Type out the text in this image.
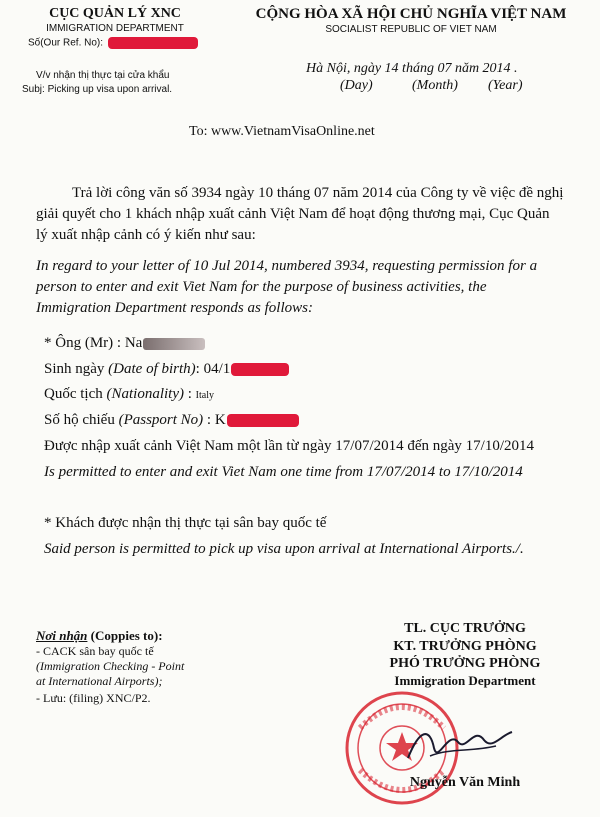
CỤC QUẢN LÝ XNC
IMMIGRATION DEPARTMENT
Số(Our Ref. No):
V/v nhận thị thực tại cửa khẩu
Subj: Picking up visa upon arrival.
CỘNG HÒA XÃ HỘI CHỦ NGHĨA VIỆT NAM
SOCIALIST REPUBLIC OF VIET NAM
Hà Nội, ngày 14 tháng 07 năm 2014 .
(Day)	(Month) (Year)
To: www.VietnamVisaOnline.net
Trả lời công văn số 3934 ngày 10 tháng 07 năm 2014 của Công ty về việc đề nghị giải quyết cho 1 khách nhập xuất cảnh Việt Nam để hoạt động thương mại, Cục Quản lý xuất nhập cảnh có ý kiến như sau:
In regard to your letter of 10 Jul 2014, numbered 3934, requesting permission for a person to enter and exit Viet Nam for the purpose of business activities, the Immigration Department responds as follows:
* Ông (Mr) : Na
Sinh ngày (Date of birth): 04/1
Quốc tịch (Nationality) : Italy
Số hộ chiếu (Passport No) : K
Được nhập xuất cảnh Việt Nam một lần từ ngày 17/07/2014 đến ngày 17/10/2014
Is permitted to enter and exit Viet Nam one time from 17/07/2014 to 17/10/2014
* Khách được nhận thị thực tại sân bay quốc tế
Said person is permitted to pick up visa upon arrival at International Airports./.
Nơi nhận (Coppies to):
- CACK sân bay quốc tế
(Immigration Checking - Point
at International Airports);
- Lưu: (filing) XNC/P2.
TL. CỤC TRƯỞNG
KT. TRƯỞNG PHÒNG
PHÓ TRƯỞNG PHÒNG
Immigration Department
Nguyễn Văn Minh
